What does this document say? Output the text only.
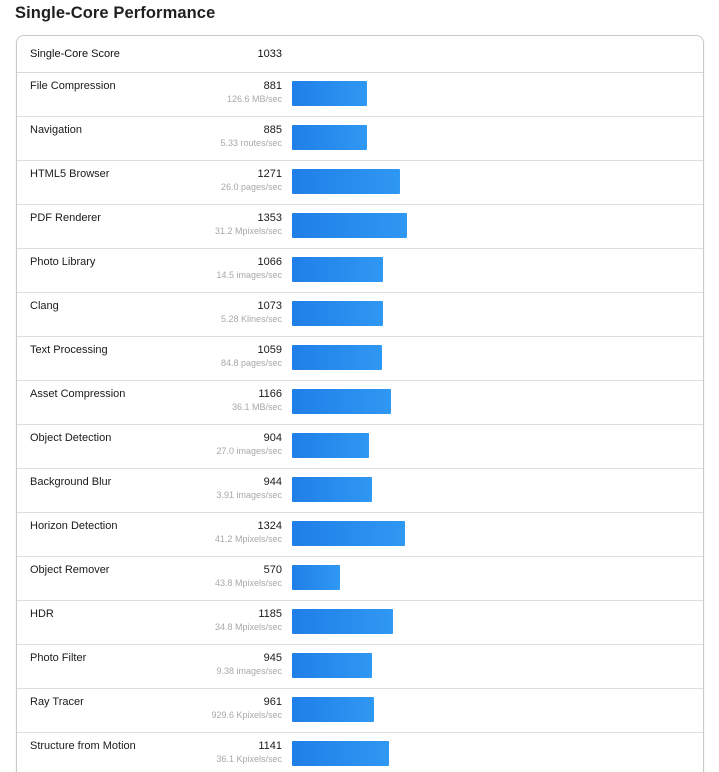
Single-Core Performance
Single-Core Score	1033
File Compression	881
126.6 MB/sec
Navigation	885
5.33 routes/sec
HTML5 Browser	1271
26.0 pages/sec
PDF Renderer	1353
31.2 Mpixels/sec
Photo Library	1066
14.5 images/sec
Clang	1073
5.28 Klines/sec
Text Processing	1059
84.8 pages/sec
Asset Compression	1166
36.1 MB/sec
Object Detection	904
27.0 images/sec
Background Blur	944
3.91 images/sec
Horizon Detection	1324
41.2 Mpixels/sec
Object Remover	570
43.8 Mpixels/sec
HDR	1185
34.8 Mpixels/sec
Photo Filter	945
9.38 images/sec
Ray Tracer	961
929.6 Kpixels/sec
Structure from Motion	1141
36.1 Kpixels/sec
